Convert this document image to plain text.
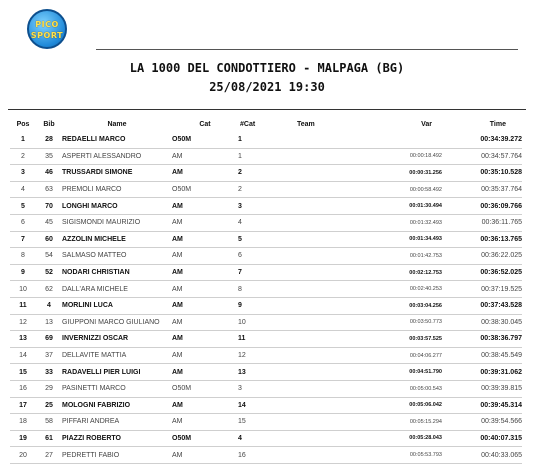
PICO
SPORT
LA 1000 DEL CONDOTTIERO - MALPAGA (BG)
25/08/2021 19:30
Pos	Bib	Name	Cat	#Cat	Team	Var	Time
1	28	REDAELLI MARCO	O50M	1			00:34:39.272
2	35	ASPERTI ALESSANDRO	AM	1		00:00:18.492	00:34:57.764
3	46	TRUSSARDI SIMONE	AM	2		00:00:31.256	00:35:10.528
4	63	PREMOLI MARCO	O50M	2		00:00:58.492	00:35:37.764
5	70	LONGHI MARCO	AM	3		00:01:30.494	00:36:09.766
6	45	SIGISMONDI MAURIZIO	AM	4		00:01:32.493	00:36:11.765
7	60	AZZOLIN MICHELE	AM	5		00:01:34.493	00:36:13.765
8	54	SALMASO MATTEO	AM	6		00:01:42.753	00:36:22.025
9	52	NODARI CHRISTIAN	AM	7		00:02:12.753	00:36:52.025
10	62	DALL'ARA MICHELE	AM	8		00:02:40.253	00:37:19.525
11	4	MORLINI LUCA	AM	9		00:03:04.256	00:37:43.528
12	13	GIUPPONI MARCO GIULIANO	AM	10		00:03:50.773	00:38:30.045
13	69	INVERNIZZI OSCAR	AM	11		00:03:57.525	00:38:36.797
14	37	DELLAVITE MATTIA	AM	12		00:04:06.277	00:38:45.549
15	33	RADAVELLI PIER LUIGI	AM	13		00:04:51.790	00:39:31.062
16	29	PASINETTI MARCO	O50M	3		00:05:00.543	00:39:39.815
17	25	MOLOGNI FABRIZIO	AM	14		00:05:06.042	00:39:45.314
18	58	PIFFARI ANDREA	AM	15		00:05:15.294	00:39:54.566
19	61	PIAZZI ROBERTO	O50M	4		00:05:28.043	00:40:07.315
20	27	PEDRETTI FABIO	AM	16		00:05:53.793	00:40:33.065
